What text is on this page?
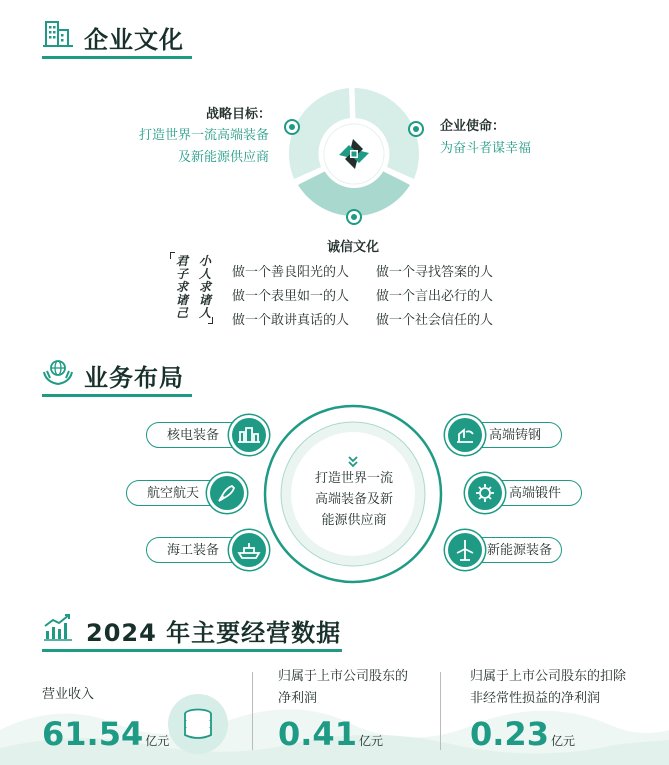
企业文化
战略目标：
打造世界一流高端装备
及新能源供应商
企业使命：
为奋斗者谋幸福
诚信文化
君子求诸己
小人求诸人
做一个善良阳光的人 做一个寻找答案的人
做一个表里如一的人 做一个言出必行的人
做一个敢讲真话的人 做一个社会信任的人
业务布局
打造世界一流
高端装备及新
能源供应商
核电装备
航空航天
海工装备
高端铸钢
高端锻件
新能源装备
2024 年主要经营数据
营业收入
61.54 亿元
归属于上市公司股东的
净利润
0.41 亿元
归属于上市公司股东的扣除
非经常性损益的净利润
0.23 亿元
